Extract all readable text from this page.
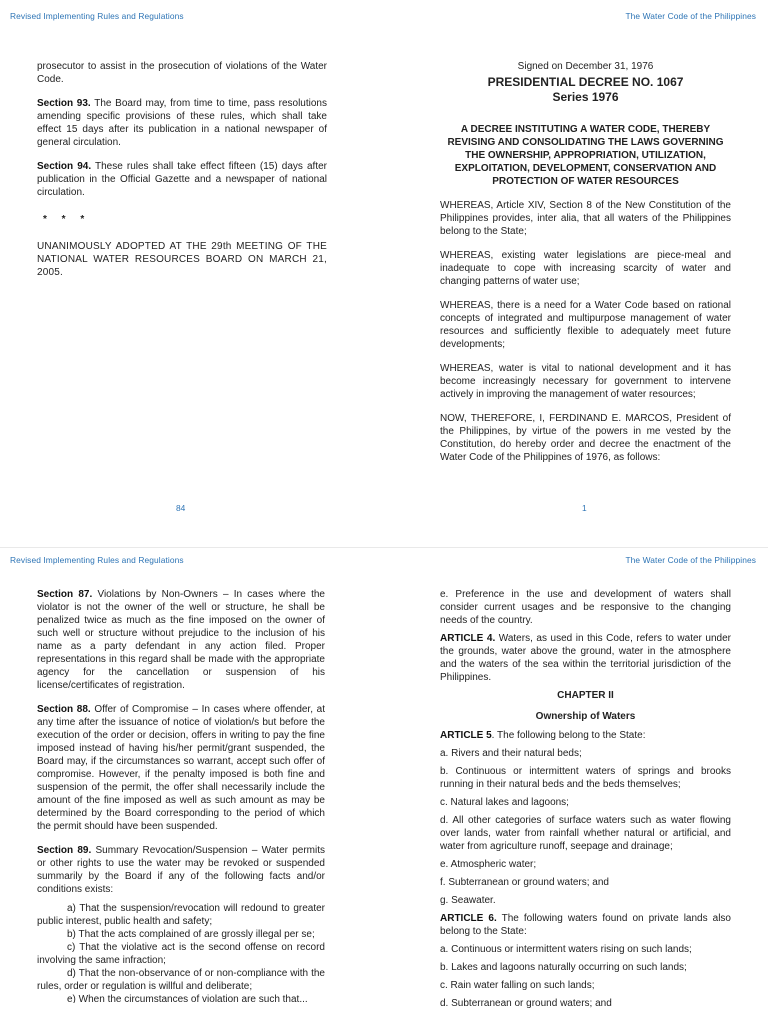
Revised Implementing Rules and Regulations	The Water Code of the Philippines

prosecutor to assist in the prosecution of violations of the Water Code.

Section 93. The Board may, from time to time, pass resolutions amending specific provisions of these rules, which shall take effect 15 days after its publication in a national newspaper of general circulation.

Section 94. These rules shall take effect fifteen (15) days after publication in the Official Gazette and a newspaper of national circulation.

* * *

UNANIMOUSLY ADOPTED AT THE 29th MEETING OF THE NATIONAL WATER RESOURCES BOARD ON MARCH 21, 2005.

Signed on December 31, 1976

PRESIDENTIAL DECREE NO. 1067

Series 1976

A DECREE INSTITUTING A WATER CODE, THEREBY REVISING AND CONSOLIDATING THE LAWS GOVERNING THE OWNERSHIP, APPROPRIATION, UTILIZATION, EXPLOITATION, DEVELOPMENT, CONSERVATION AND PROTECTION OF WATER RESOURCES

WHEREAS, Article XIV, Section 8 of the New Constitution of the Philippines provides, inter alia, that all waters of the Philippines belong to the State;

WHEREAS, existing water legislations are piece-meal and inadequate to cope with increasing scarcity of water and changing patterns of water use;

WHEREAS, there is a need for a Water Code based on rational concepts of integrated and multipurpose management of water resources and sufficiently flexible to adequately meet future developments;

WHEREAS, water is vital to national development and it has become increasingly necessary for government to intervene actively in improving the management of water resources;

NOW, THEREFORE, I, FERDINAND E. MARCOS, President of the Philippines, by virtue of the powers in me vested by the Constitution, do hereby order and decree the enactment of the Water Code of the Philippines of 1976, as follows:

84	1
Revised Implementing Rules and Regulations	The Water Code of the Philippines

Section 87. Violations by Non-Owners – In cases where the violator is not the owner of the well or structure, he shall be penalized twice as much as the fine imposed on the owner of such well or structure without prejudice to the inclusion of his name as a party defendant in any action filed. Proper representations in this regard shall be made with the appropriate agency for the cancellation or suspension of his license/certificates of registration.

Section 88. Offer of Compromise – In cases where offender, at any time after the issuance of notice of violation/s but before the execution of the order or decision, offers in writing to pay the fine imposed instead of having his/her permit/grant suspended, the Board may, if the circumstances so warrant, accept such offer of compromise. However, if the penalty imposed is both fine and suspension of the permit, the offer shall necessarily include the amount of the fine imposed as well as such amount as may be determined by the Board corresponding to the period of which the permit should have been suspended.

Section 89. Summary Revocation/Suspension – Water permits or other rights to use the water may be revoked or suspended summarily by the Board if any of the following facts and/or conditions exists:

a) That the suspension/revocation will redound to greater public interest, public health and safety;

b) That the acts complained of are grossly illegal per se;

c) That the violative act is the second offense on record involving the same infraction;

d) That the non-observance of or non-compliance with the rules, order or regulation is willful and deliberate;

e) When the circumstances of violation are such that...

e. Preference in the use and development of waters shall consider current usages and be responsive to the changing needs of the country.

ARTICLE 4. Waters, as used in this Code, refers to water under the grounds, water above the ground, water in the atmosphere and the waters of the sea within the territorial jurisdiction of the Philippines.

CHAPTER II

Ownership of Waters

ARTICLE 5. The following belong to the State:

a. Rivers and their natural beds;

b. Continuous or intermittent waters of springs and brooks running in their natural beds and the beds themselves;

c. Natural lakes and lagoons;

d. All other categories of surface waters such as water flowing over lands, water from rainfall whether natural or artificial, and water from agriculture runoff, seepage and drainage;

e. Atmospheric water;

f. Subterranean or ground waters; and

g. Seawater.

ARTICLE 6. The following waters found on private lands also belong to the State:

a. Continuous or intermittent waters rising on such lands;

b. Lakes and lagoons naturally occurring on such lands;

c. Rain water falling on such lands;

d. Subterranean or ground waters; and
